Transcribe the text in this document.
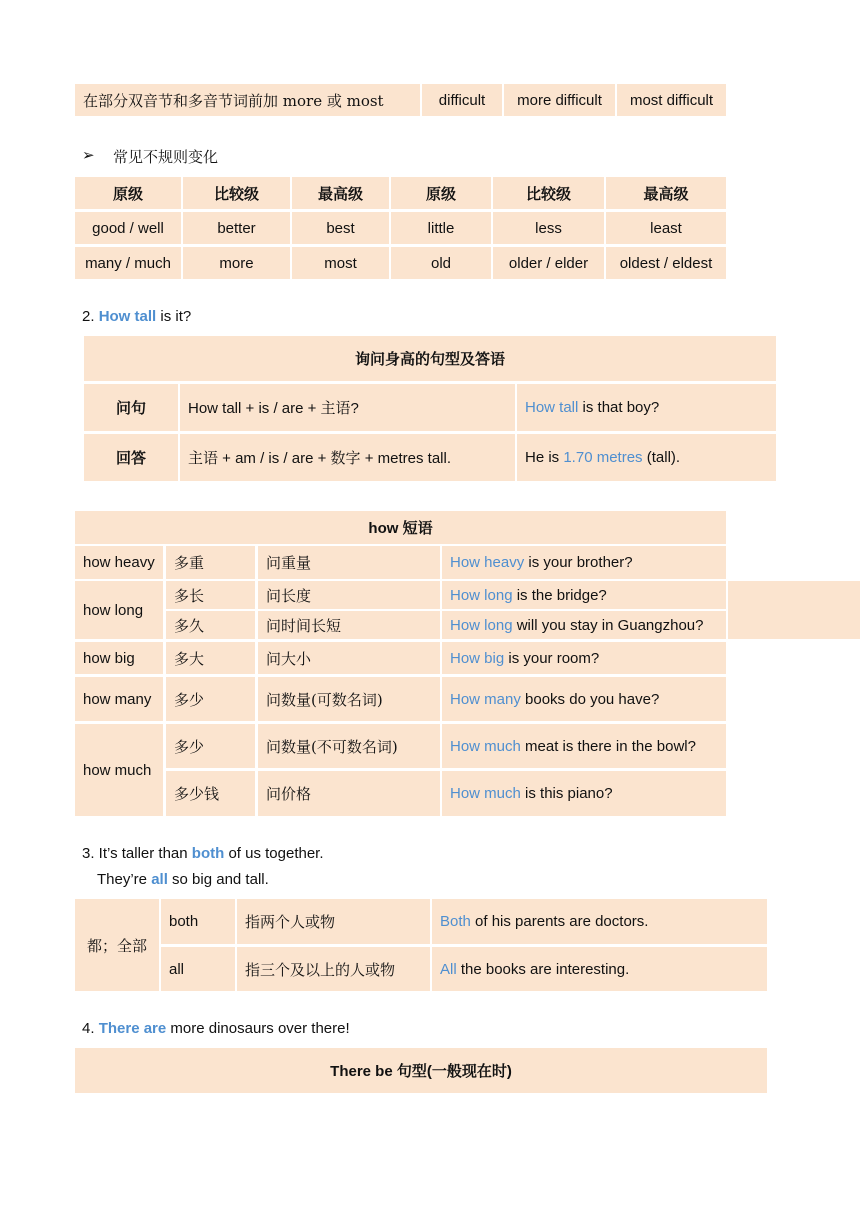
在部分双音节和多音节词前加 more 或 most	difficult	more difficult	most difficult
➢ 常见不规则变化
原级	比较级	最高级	原级	比较级	最高级
good / well	better	best	little	less	least
many / much	more	most	old	older / elder	oldest / eldest
2. How tall is it?
询问身高的句型及答语
问句	How tall + is / are + 主语?	How tall is that boy?
回答	主语 + am / is / are + 数字 + metres tall.	He is 1.70 metres (tall).
how 短语
how heavy	多重	问重量	How heavy is your brother?
how long
多长	问长度	How long is the bridge?
多久	问时间长短	How long will you stay in Guangzhou?
how big	多大	问大小	How big is your room?
how many	多少	问数量(可数名词)	How many books do you have?
how much
多少	问数量(不可数名词)	How much meat is there in the bowl?
多少钱	问价格	How much is this piano?
3. It’s taller than both of us together.
They’re all so big and tall.
都；全部
both	指两个人或物	Both of his parents are doctors.
all	指三个及以上的人或物	All the books are interesting.
4. There are more dinosaurs over there!
There be 句型(一般现在时)
